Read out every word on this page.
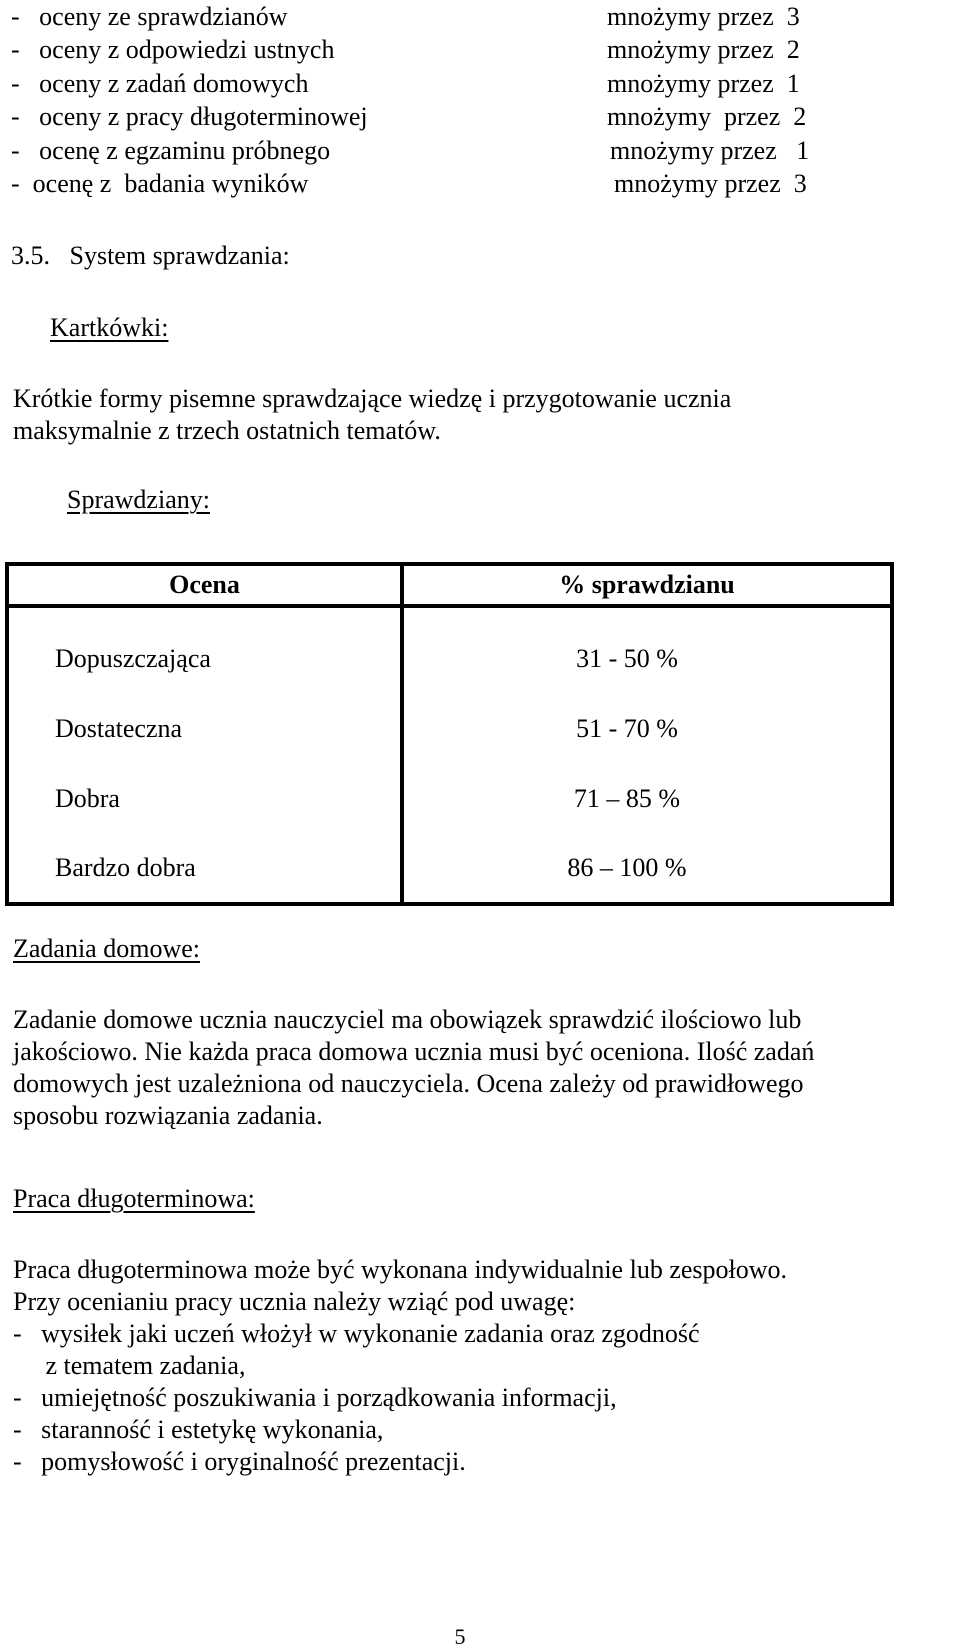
-   oceny ze sprawdzianów	mnożymy przez  3
-   oceny z odpowiedzi ustnych	mnożymy przez  2
-   oceny z zadań domowych	mnożymy przez  1
-   oceny z pracy długoterminowej	mnożymy  przez  2
-   ocenę z egzaminu próbnego	mnożymy przez   1
-  ocenę z  badania wyników	mnożymy przez  3
3.5.   System sprawdzania:
Kartkówki:
Krótkie formy pisemne sprawdzające wiedzę i przygotowanie ucznia
maksymalnie z trzech ostatnich tematów.
Sprawdziany:
Ocena	% sprawdzianu
Dopuszczająca	31 - 50 %
Dostateczna	51 - 70 %
Dobra	71 – 85 %
Bardzo dobra	86 – 100 %
Zadania domowe:
Zadanie domowe ucznia nauczyciel ma obowiązek sprawdzić ilościowo lub
jakościowo. Nie każda praca domowa ucznia musi być oceniona. Ilość zadań
domowych jest uzależniona od nauczyciela. Ocena zależy od prawidłowego
sposobu rozwiązania zadania.
Praca długoterminowa:
Praca długoterminowa może być wykonana indywidualnie lub zespołowo.
Przy ocenianiu pracy ucznia należy wziąć pod uwagę:
-   wysiłek jaki uczeń włożył w wykonanie zadania oraz zgodność
z tematem zadania,
-   umiejętność poszukiwania i porządkowania informacji,
-   staranność i estetykę wykonania,
-   pomysłowość i oryginalność prezentacji.
5
